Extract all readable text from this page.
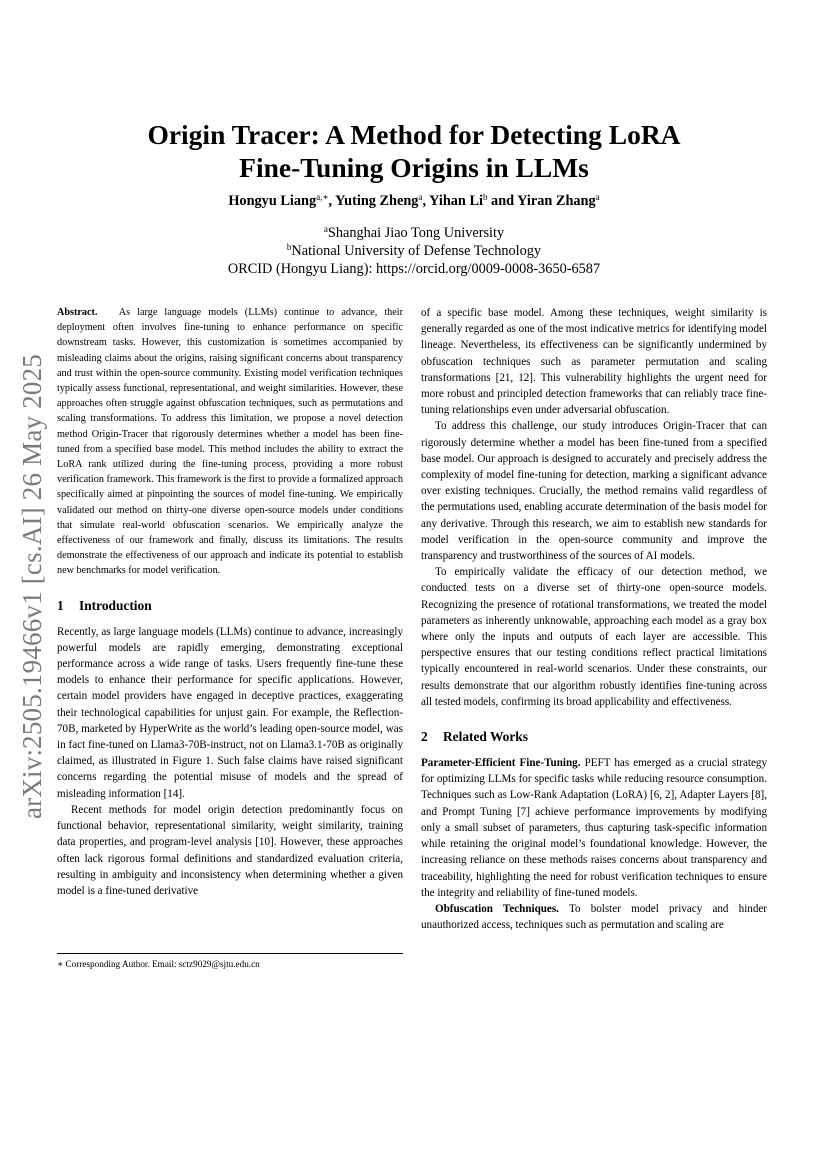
arXiv:2505.19466v1 [cs.AI] 26 May 2025
Origin Tracer: A Method for Detecting LoRA
Fine-Tuning Origins in LLMs
Hongyu Liang$^{a,∗}$, Yuting Zheng$^a$, Yihan Li$^b$ and Yiran Zhang$^a$
$^a$Shanghai Jiao Tong University
$^b$National University of Defense Technology
ORCID (Hongyu Liang): https://orcid.org/0009-0008-3650-6587

Abstract. As large language models (LLMs) continue to advance, their deployment often involves fine-tuning to enhance performance on specific downstream tasks. However, this customization is sometimes accompanied by misleading claims about the origins, raising significant concerns about transparency and trust within the open-source community. Existing model verification techniques typically assess functional, representational, and weight similarities. However, these approaches often struggle against obfuscation techniques, such as permutations and scaling transformations. To address this limitation, we propose a novel detection method Origin-Tracer that rigorously determines whether a model has been fine-tuned from a specified base model. This method includes the ability to extract the LoRA rank utilized during the fine-tuning process, providing a more robust verification framework. This framework is the first to provide a formalized approach specifically aimed at pinpointing the sources of model fine-tuning. We empirically validated our method on thirty-one diverse open-source models under conditions that simulate real-world obfuscation scenarios. We empirically analyze the effectiveness of our framework and finally, discuss its limitations. The results demonstrate the effectiveness of our approach and indicate its potential to establish new benchmarks for model verification.

1 Introduction

Recently, as large language models (LLMs) continue to advance, increasingly powerful models are rapidly emerging, demonstrating exceptional performance across a wide range of tasks. Users frequently fine-tune these models to enhance their performance for specific applications. However, certain model providers have engaged in deceptive practices, exaggerating their technological capabilities for unjust gain. For example, the Reflection-70B, marketed by HyperWrite as the world’s leading open-source model, was in fact fine-tuned on Llama3-70B-instruct, not on Llama3.1-70B as originally claimed, as illustrated in Figure 1. Such false claims have raised significant concerns regarding the potential misuse of models and the spread of misleading information [14].

Recent methods for model origin detection predominantly focus on functional behavior, representational similarity, weight similarity, training data properties, and program-level analysis [10]. However, these approaches often lack rigorous formal definitions and standardized evaluation criteria, resulting in ambiguity and inconsistency when determining whether a given model is a fine-tuned derivative

of a specific base model. Among these techniques, weight similarity is generally regarded as one of the most indicative metrics for identifying model lineage. Nevertheless, its effectiveness can be significantly undermined by obfuscation techniques such as parameter permutation and scaling transformations [21, 12]. This vulnerability highlights the urgent need for more robust and principled detection frameworks that can reliably trace fine-tuning relationships even under adversarial obfuscation.

To address this challenge, our study introduces Origin-Tracer that can rigorously determine whether a model has been fine-tuned from a specified base model. Our approach is designed to accurately and precisely address the complexity of model fine-tuning for detection, marking a significant advance over existing techniques. Crucially, the method remains valid regardless of the permutations used, enabling accurate determination of the basis model for any derivative. Through this research, we aim to establish new standards for model verification in the open-source community and improve the transparency and trustworthiness of the sources of AI models.

To empirically validate the efficacy of our detection method, we conducted tests on a diverse set of thirty-one open-source models. Recognizing the presence of rotational transformations, we treated the model parameters as inherently unknowable, approaching each model as a gray box where only the inputs and outputs of each layer are accessible. This perspective ensures that our testing conditions reflect practical limitations typically encountered in real-world scenarios. Under these constraints, our results demonstrate that our algorithm robustly identifies fine-tuning across all tested models, confirming its broad applicability and effectiveness.

2 Related Works

Parameter-Efficient Fine-Tuning. PEFT has emerged as a crucial strategy for optimizing LLMs for specific tasks while reducing resource consumption. Techniques such as Low-Rank Adaptation (LoRA) [6, 2], Adapter Layers [8], and Prompt Tuning [7] achieve performance improvements by modifying only a small subset of parameters, thus capturing task-specific information while retaining the original model’s foundational knowledge. However, the increasing reliance on these methods raises concerns about transparency and traceability, highlighting the need for robust verification techniques to ensure the integrity and reliability of fine-tuned models.

Obfuscation Techniques. To bolster model privacy and hinder unauthorized access, techniques such as permutation and scaling are

∗ Corresponding Author. Email: sctz9029@sjtu.edu.cn
